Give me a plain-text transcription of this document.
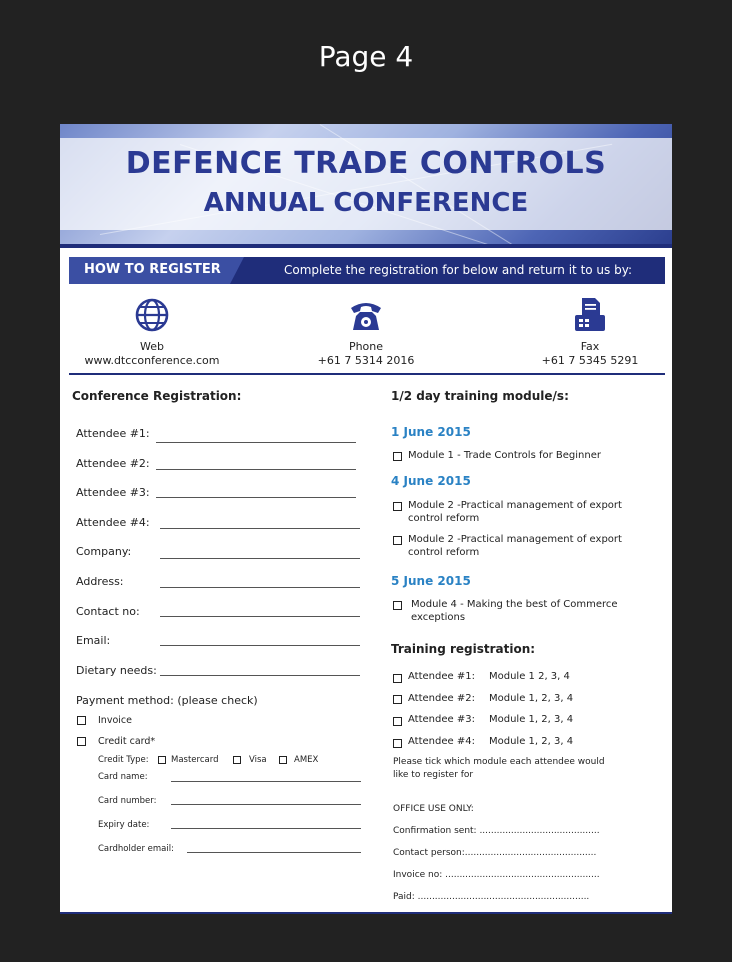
Page 4
DEFENCE TRADE CONTROLS
ANNUAL CONFERENCE
HOW TO REGISTER	Complete the registration for below and return it to us by:
Web
www.dtcconference.com
Phone
+61 7 5314 2016
Fax
+61 7 5345 5291
Conference Registration:
Attendee #1:
Attendee #2:
Attendee #3:
Attendee #4:
Company:
Address:
Contact no:
Email:
Dietary needs:
Payment method: (please check)
Invoice
Credit card*
Credit Type:	Mastercard	Visa	AMEX
Card name:
Card number:
Expiry date:
Cardholder email:
1/2 day training module/s:
1 June 2015
Module 1 - Trade Controls for Beginner
4 June 2015
Module 2 -Practical management of export control reform
Module 2 -Practical management of export control reform
5 June 2015
Module 4 - Making the best of Commerce exceptions
Training registration:
Attendee #1: Module 1 2, 3, 4
Attendee #2: Module 1, 2, 3, 4
Attendee #3: Module 1, 2, 3, 4
Attendee #4: Module 1, 2, 3, 4
Please tick which module each attendee would like to register for
OFFICE USE ONLY:
Confirmation sent: ..........................................
Contact person:..............................................
Invoice no: ......................................................
Paid: ............................................................
